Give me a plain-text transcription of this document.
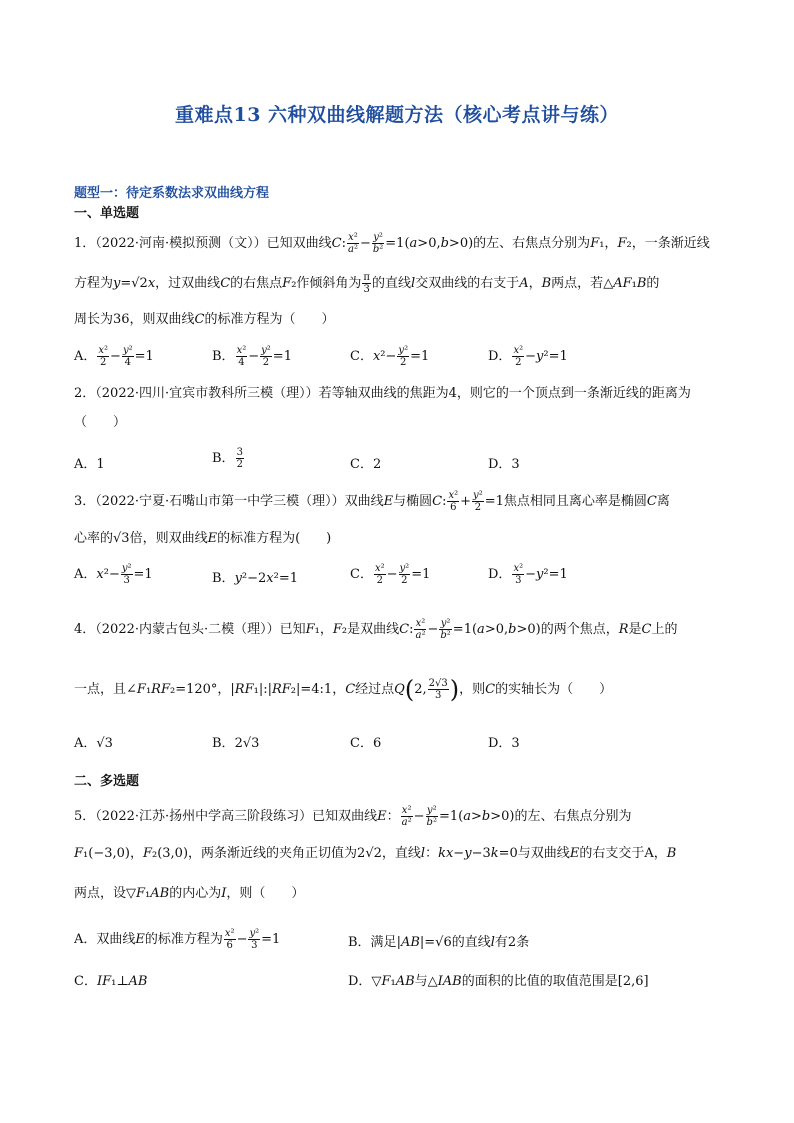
重难点13 六种双曲线解题方法（核心考点讲与练）
题型一：待定系数法求双曲线方程
一、单选题
1．（2022·河南·模拟预测（文））已知双曲线C: $\frac{\text{x²}}{\text{a²}} - \frac{\text{y²}}{\text{b²}} =1(a>0,b>0)$的左、右焦点分别为F₁，F₂，一条渐近线
方程为y=√2x，过双曲线C的右焦点F₂作倾斜角为 $\frac{\pi}{3}$ 的直线l交双曲线的右支于A，B两点，若△AF₁B的
周长为36，则双曲线C的标准方程为（　　）
A． $\frac{\text{x²}}{2} - \frac{\text{y²}}{4} =1$	B． $\frac{\text{x²}}{4} - \frac{\text{y²}}{2} =1$	C．$x^2- \frac{\text{y²}}{2} =1$	D． $\frac{\text{x²}}{2} -y^2=1$
2．（2022·四川·宜宾市教科所三模（理））若等轴双曲线的焦距为4，则它的一个顶点到一条渐近线的距离为
（　　）
A．1	B． $\frac{3}{2}$	C．2	D．3
3．（2022·宁夏·石嘴山市第一中学三模（理））双曲线E与椭圆C: $\frac{\text{x²}}{6} + \frac{\text{y²}}{2} =1$焦点相同且离心率是椭圆C离
心率的√3倍，则双曲线E的标准方程为(　　)
A．$x^2- \frac{\text{y²}}{3} =1$	B．y²−2x²=1	C． $\frac{\text{x²}}{2} - \frac{\text{y²}}{2} =1$	D． $\frac{\text{x²}}{3} -y^2=1$
4．（2022·内蒙古包头·二模（理））已知F₁，F₂是双曲线C: $\frac{\text{x²}}{\text{a²}} - \frac{\text{y²}}{\text{b²}} =1(a>0,b>0)$的两个焦点，R是C上的
一点，且∠F₁RF₂=120°，|RF₁|:|RF₂|=4:1，C经过点Q(2, $\frac{2√3}{3}$ )，则C的实轴长为（　　）
A．√3	B．2√3	C．6	D．3
二、多选题
5．（2022·江苏·扬州中学高三阶段练习）已知双曲线E： $\frac{\text{x²}}{\text{a²}} - \frac{\text{y²}}{\text{b²}} =1(a>b>0)$的左、右焦点分别为
F₁(−3,0)，F₂(3,0)，两条渐近线的夹角正切值为2√2，直线l：kx−y−3k=0与双曲线E的右支交于A，B
两点，设▽F₁AB的内心为I，则（　　）
A．双曲线E的标准方程为 $\frac{\text{x²}}{6} - \frac{\text{y²}}{3} =1$	B．满足|AB|=√6的直线l有2条
C．IF₁⊥AB	D．▽F₁AB与△IAB的面积的比值的取值范围是[2,6]
